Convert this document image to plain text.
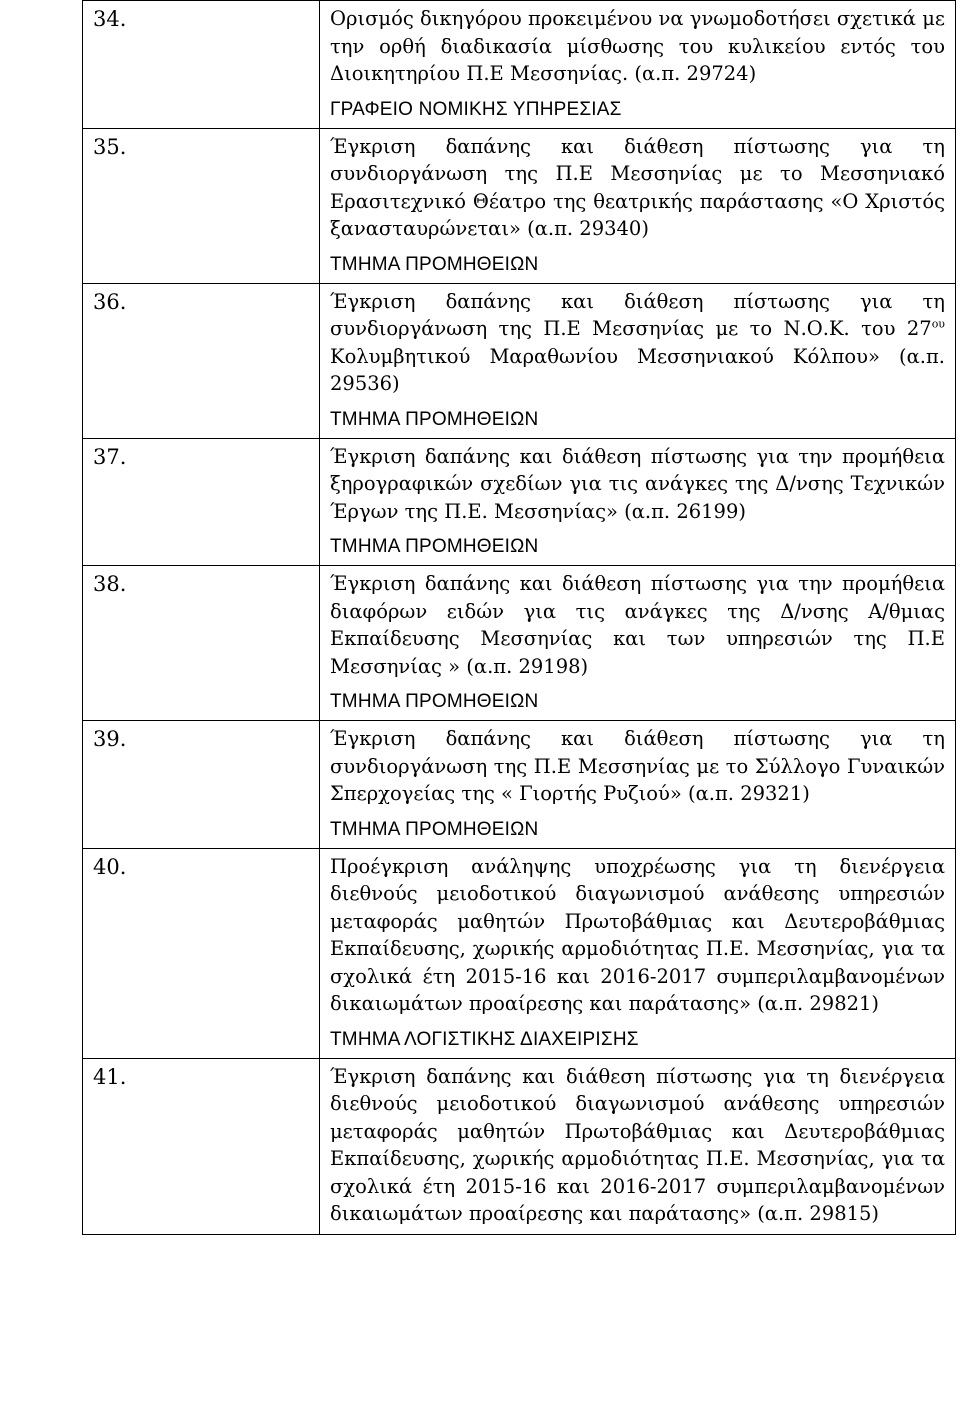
34.	Ορισμός δικηγόρου προκειμένου να γνωμοδοτήσει σχετικά με την ορθή διαδικασία μίσθωσης του κυλικείου εντός του Διοικητηρίου Π.Ε Μεσσηνίας. (α.π. 29724)
ΓΡΑΦΕΙΟ ΝΟΜΙΚΗΣ ΥΠΗΡΕΣΙΑΣ

35.	Έγκριση δαπάνης και διάθεση πίστωσης για τη συνδιοργάνωση της Π.Ε Μεσσηνίας με το Μεσσηνιακό Ερασιτεχνικό Θέατρο της θεατρικής παράστασης «Ο Χριστός ξανασταυρώνεται» (α.π. 29340)
ΤΜΗΜΑ ΠΡΟΜΗΘΕΙΩΝ

36.	Έγκριση δαπάνης και διάθεση πίστωσης για τη συνδιοργάνωση της Π.Ε Μεσσηνίας με το Ν.Ο.Κ. του $27^{o\upsilon}$ Κολυμβητικού Μαραθωνίου Μεσσηνιακού Κόλπου» (α.π. 29536)
ΤΜΗΜΑ ΠΡΟΜΗΘΕΙΩΝ

37.	Έγκριση δαπάνης και διάθεση πίστωσης για την προμήθεια ξηρογραφικών σχεδίων για τις ανάγκες της Δ/νσης Τεχνικών Έργων της Π.Ε. Μεσσηνίας» (α.π. 26199)
ΤΜΗΜΑ ΠΡΟΜΗΘΕΙΩΝ

38.	Έγκριση δαπάνης και διάθεση πίστωσης για την προμήθεια διαφόρων ειδών για τις ανάγκες της Δ/νσης Α/θμιας Εκπαίδευσης Μεσσηνίας και των υπηρεσιών της Π.Ε Μεσσηνίας » (α.π. 29198)
ΤΜΗΜΑ ΠΡΟΜΗΘΕΙΩΝ

39.	Έγκριση δαπάνης και διάθεση πίστωσης για τη συνδιοργάνωση της Π.Ε Μεσσηνίας με το Σύλλογο Γυναικών Σπερχογείας της « Γιορτής Ρυζιού» (α.π. 29321)
ΤΜΗΜΑ ΠΡΟΜΗΘΕΙΩΝ

40.	Προέγκριση ανάληψης υποχρέωσης για τη διενέργεια διεθνούς μειοδοτικού διαγωνισμού ανάθεσης υπηρεσιών μεταφοράς μαθητών Πρωτοβάθμιας και Δευτεροβάθμιας Εκπαίδευσης, χωρικής αρμοδιότητας Π.Ε. Μεσσηνίας, για τα σχολικά έτη 2015-16 και 2016-2017 συμπεριλαμβανομένων δικαιωμάτων προαίρεσης και παράτασης» (α.π. 29821)
ΤΜΗΜΑ ΛΟΓΙΣΤΙΚΗΣ ΔΙΑΧΕΙΡΙΣΗΣ

41.	Έγκριση δαπάνης και διάθεση πίστωσης για τη διενέργεια διεθνούς μειοδοτικού διαγωνισμού ανάθεσης υπηρεσιών μεταφοράς μαθητών Πρωτοβάθμιας και Δευτεροβάθμιας Εκπαίδευσης, χωρικής αρμοδιότητας Π.Ε. Μεσσηνίας, για τα σχολικά έτη 2015-16 και 2016-2017 συμπεριλαμβανομένων δικαιωμάτων προαίρεσης και παράτασης» (α.π. 29815)
